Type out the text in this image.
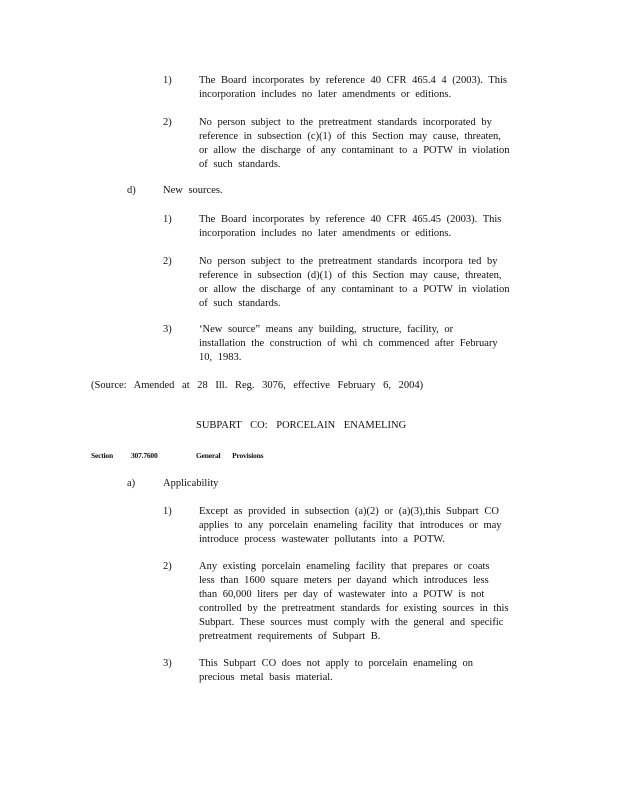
1)	The Board incorporates by reference 40 CFR 465.4 4 (2003). This
incorporation includes no later amendments or editions.
2)	No person subject to the pretreatment standards incorporated by
reference in subsection (c)(1) of this Section may cause, threaten,
or allow the discharge of any contaminant to a POTW in violation
of such standards.
d)	New sources.
1)	The Board incorporates by reference 40 CFR 465.45 (2003). This
incorporation includes no later amendments or editions.
2)	No person subject to the pretreatment standards incorpora ted by
reference in subsection (d)(1) of this Section may cause, threaten,
or allow the discharge of any contaminant to a POTW in violation
of such standards.
3)	‘New source” means any building, structure, facility, or
installation the construction of whi ch commenced after February
10, 1983.
(Source: Amended at 28 Ill. Reg. 3076, effective February 6, 2004)
SUBPART CO: PORCELAIN ENAMELING
Section 307.7600	General Provisions
a)	Applicability
1)	Except as provided in subsection (a)(2) or (a)(3),this Subpart CO
applies to any porcelain enameling facility that introduces or may
introduce process wastewater pollutants into a POTW.
2)	Any existing porcelain enameling facility that prepares or coats
less than 1600 square meters per dayand which introduces less
than 60,000 liters per day of wastewater into a POTW is not
controlled by the pretreatment standards for existing sources in this
Subpart. These sources must comply with the general and specific
pretreatment requirements of Subpart B.
3)	This Subpart CO does not apply to porcelain enameling on
precious metal basis material.
